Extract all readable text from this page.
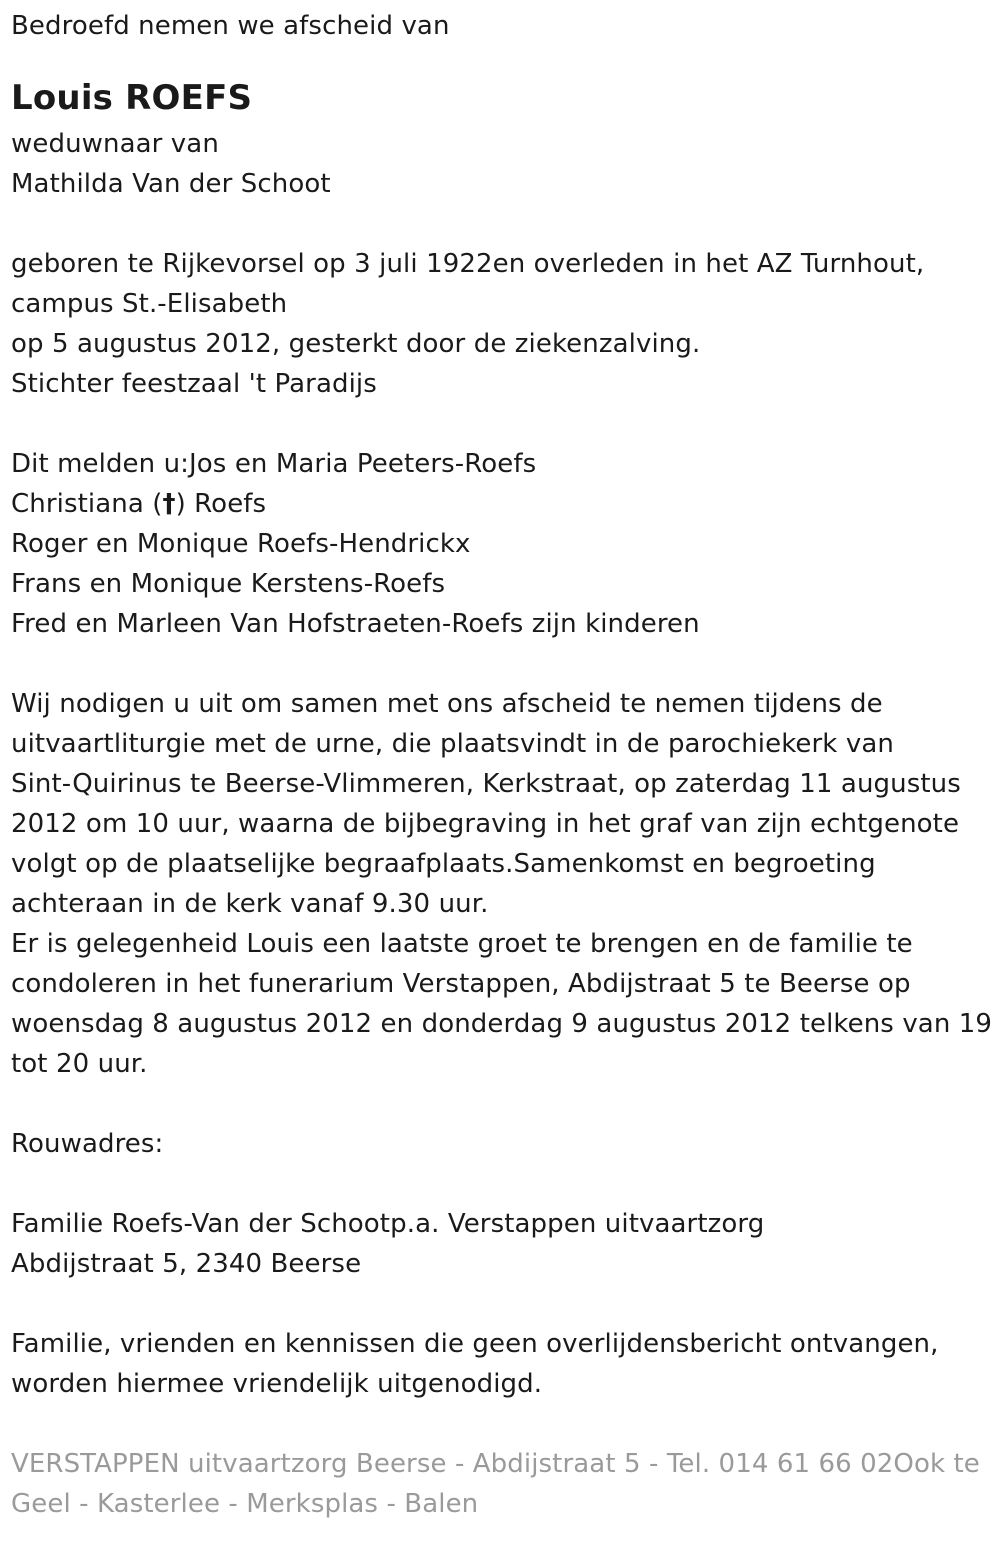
Bedroefd nemen we afscheid van
Louis ROEFS
weduwnaar van
Mathilda Van der Schoot
geboren te Rijkevorsel op 3 juli 1922en overleden in het AZ Turnhout,
campus St.-Elisabeth
op 5 augustus 2012, gesterkt door de ziekenzalving.
Stichter feestzaal 't Paradijs
Dit melden u:Jos en Maria Peeters-Roefs
Christiana (†) Roefs
Roger en Monique Roefs-Hendrickx
Frans en Monique Kerstens-Roefs
Fred en Marleen Van Hofstraeten-Roefs zijn kinderen
Wij nodigen u uit om samen met ons afscheid te nemen tijdens de
uitvaartliturgie met de urne, die plaatsvindt in de parochiekerk van
Sint-Quirinus te Beerse-Vlimmeren, Kerkstraat, op zaterdag 11 augustus
2012 om 10 uur, waarna de bijbegraving in het graf van zijn echtgenote
volgt op de plaatselijke begraafplaats.Samenkomst en begroeting
achteraan in de kerk vanaf 9.30 uur.
Er is gelegenheid Louis een laatste groet te brengen en de familie te
condoleren in het funerarium Verstappen, Abdijstraat 5 te Beerse op
woensdag 8 augustus 2012 en donderdag 9 augustus 2012 telkens van 19
tot 20 uur.
Rouwadres:
Familie Roefs-Van der Schootp.a. Verstappen uitvaartzorg
Abdijstraat 5, 2340 Beerse
Familie, vrienden en kennissen die geen overlijdensbericht ontvangen,
worden hiermee vriendelijk uitgenodigd.
VERSTAPPEN uitvaartzorg Beerse - Abdijstraat 5 - Tel. 014 61 66 02Ook te
Geel - Kasterlee - Merksplas - Balen
